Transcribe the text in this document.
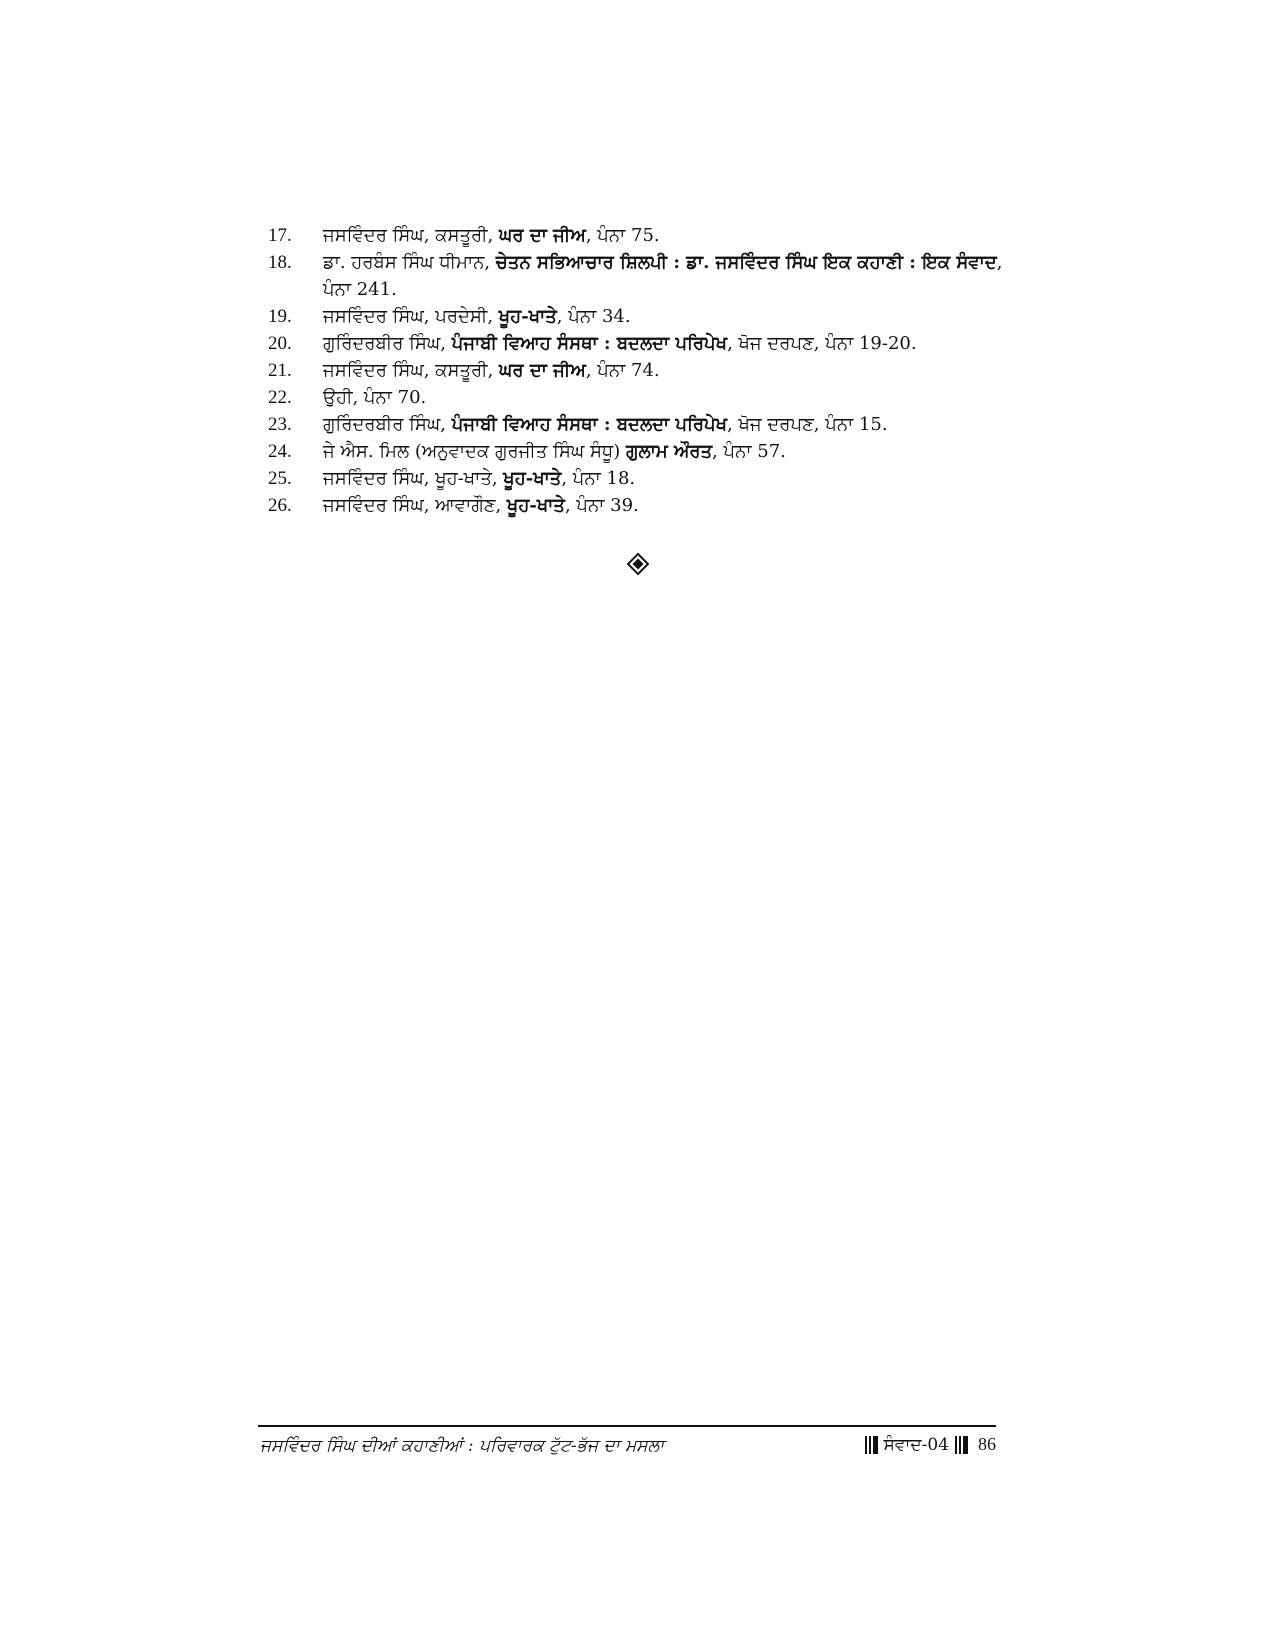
17.	ਜਸਵਿੰਦਰ ਸਿੰਘ, ਕਸਤੂਰੀ, ਘਰ ਦਾ ਜੀਅ, ਪੰਨਾ 75.
18.	ਡਾ. ਹਰਬੰਸ ਸਿੰਘ ਧੀਮਾਨ, ਚੇਤਨ ਸਭਿਆਚਾਰ ਸ਼ਿਲਪੀ : ਡਾ. ਜਸਵਿੰਦਰ ਸਿੰਘ ਇਕ ਕਹਾਣੀ : ਇਕ ਸੰਵਾਦ, ਪੰਨਾ 241.
19.	ਜਸਵਿੰਦਰ ਸਿੰਘ, ਪਰਦੇਸੀ, ਖੂਹ-ਖਾਤੇ, ਪੰਨਾ 34.
20.	ਗੁਰਿੰਦਰਬੀਰ ਸਿੰਘ, ਪੰਜਾਬੀ ਵਿਆਹ ਸੰਸਥਾ : ਬਦਲਦਾ ਪਰਿਪੇਖ, ਖੋਜ ਦਰਪਣ, ਪੰਨਾ 19-20.
21.	ਜਸਵਿੰਦਰ ਸਿੰਘ, ਕਸਤੂਰੀ, ਘਰ ਦਾ ਜੀਅ, ਪੰਨਾ 74.
22.	ਉਹੀ, ਪੰਨਾ 70.
23.	ਗੁਰਿੰਦਰਬੀਰ ਸਿੰਘ, ਪੰਜਾਬੀ ਵਿਆਹ ਸੰਸਥਾ : ਬਦਲਦਾ ਪਰਿਪੇਖ, ਖੋਜ ਦਰਪਣ, ਪੰਨਾ 15.
24.	ਜੇ ਐਸ. ਮਿਲ (ਅਨੁਵਾਦਕ ਗੁਰਜੀਤ ਸਿੰਘ ਸੰਧੂ) ਗੁਲਾਮ ਔਰਤ, ਪੰਨਾ 57.
25.	ਜਸਵਿੰਦਰ ਸਿੰਘ, ਖੂਹ-ਖਾਤੇ, ਖੂਹ-ਖਾਤੇ, ਪੰਨਾ 18.
26.	ਜਸਵਿੰਦਰ ਸਿੰਘ, ਆਵਾਗੌਣ, ਖੂਹ-ਖਾਤੇ, ਪੰਨਾ 39.
ਜਸਵਿੰਦਰ ਸਿੰਘ ਦੀਆਂ ਕਹਾਣੀਆਂ : ਪਰਿਵਾਰਕ ਟੁੱਟ-ਭੱਜ ਦਾ ਮਸਲਾ	ਸੰਵਾਦ-04 86
